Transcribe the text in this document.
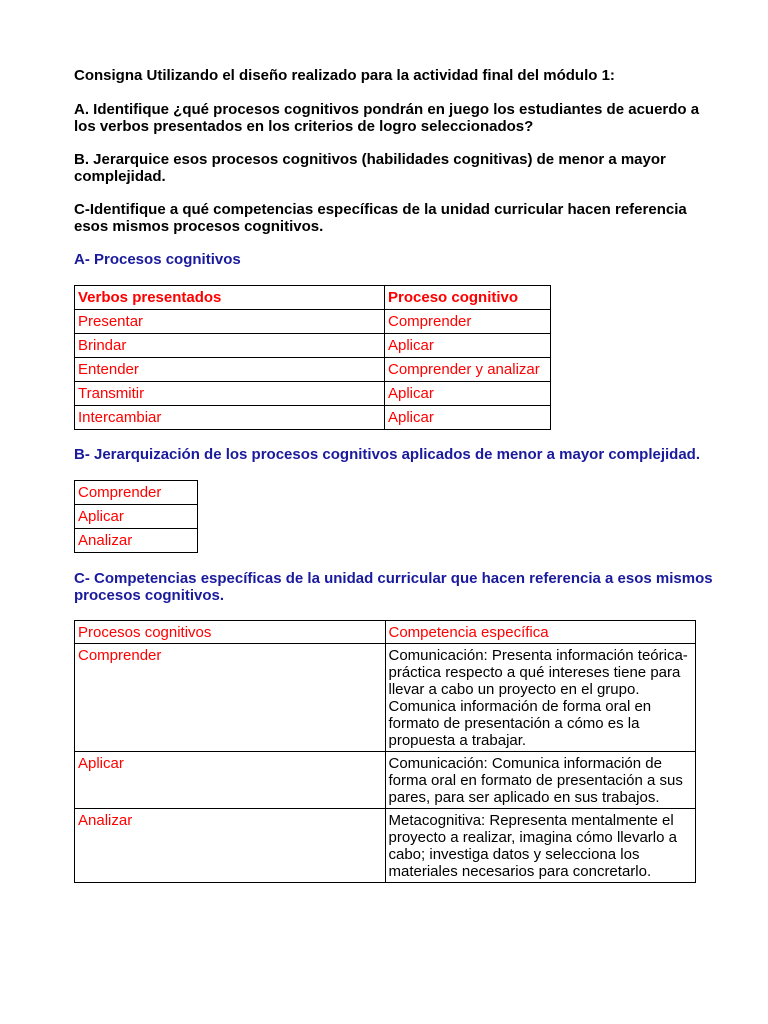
Consigna Utilizando el diseño realizado para la actividad final del módulo 1:

A. Identifique ¿qué procesos cognitivos pondrán en juego los estudiantes de acuerdo a los verbos presentados en los criterios de logro seleccionados?

B. Jerarquice esos procesos cognitivos (habilidades cognitivas) de menor a mayor complejidad.

C-Identifique a qué competencias específicas de la unidad curricular hacen referencia esos mismos procesos cognitivos.

A- Procesos cognitivos
Verbos presentados	Proceso cognitivo
Presentar	Comprender
Brindar	Aplicar
Entender	Comprender y analizar
Transmitir	Aplicar
Intercambiar	Aplicar
B- Jerarquización de los procesos cognitivos aplicados de menor a mayor complejidad.
Comprender
Aplicar
Analizar
C- Competencias específicas de la unidad curricular que hacen referencia a esos mismos procesos cognitivos.
Procesos cognitivos	Competencia específica
Comprender	Comunicación: Presenta información teórica-práctica respecto a qué intereses tiene para llevar a cabo un proyecto en el grupo. Comunica información de forma oral en formato de presentación a cómo es la propuesta a trabajar.
Aplicar	Comunicación: Comunica información de forma oral en formato de presentación a sus pares, para ser aplicado en sus trabajos.
Analizar	Metacognitiva: Representa mentalmente el proyecto a realizar, imagina cómo llevarlo a cabo; investiga datos y selecciona los materiales necesarios para concretarlo.
